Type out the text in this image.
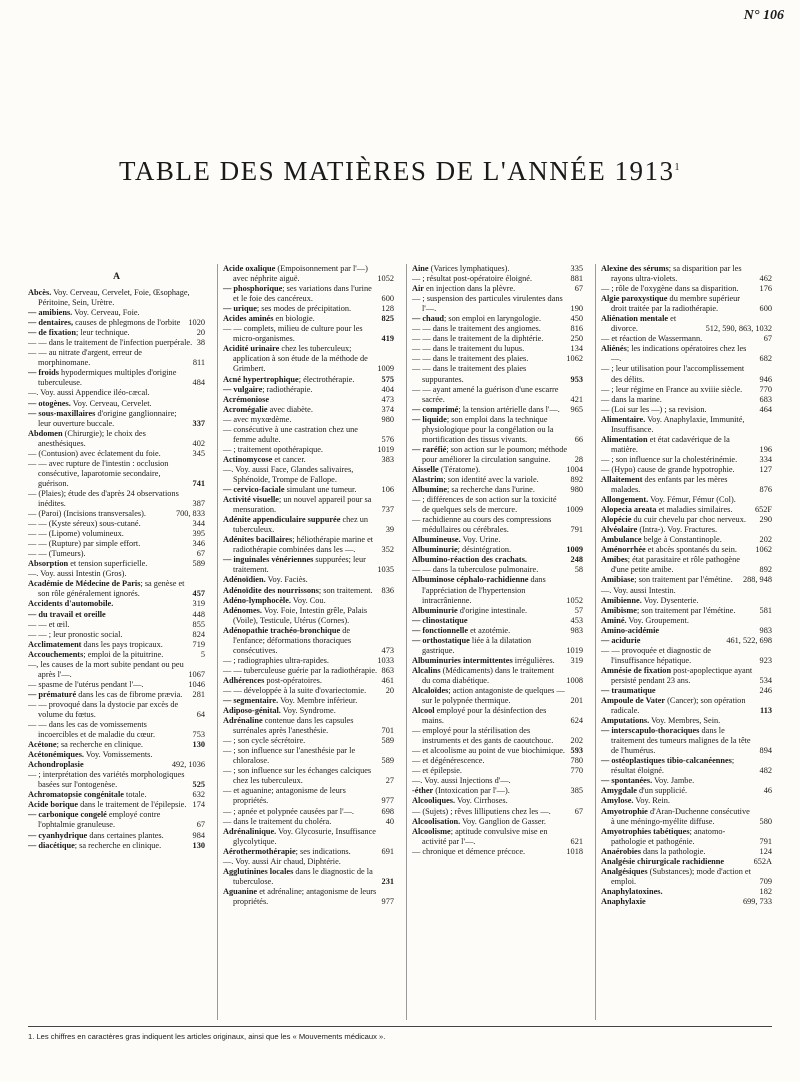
N° 106
TABLE DES MATIÈRES DE L'ANNÉE 1913$^1$
A
Abcès. Voy. Cerveau, Cervelet, Foie, Œsophage, Péritoine, Sein, Urètre.
— amibiens. Voy. Cerveau, Foie.
— dentaires, causes de phlegmons de l'orbite 1020
— de fixation; leur technique.	20
— — dans le traitement de l'infection puerpérale. 38
— — au nitrate d'argent, erreur de morphinomane.	811
— froids hypodermiques multiples d'origine tuberculeuse.	484
—. Voy. aussi Appendice iléo-cæcal.
— otogènes. Voy. Cerveau, Cervelet.
— sous-maxillaires d'origine ganglionnaire; leur ouverture buccale.	337
Abdomen (Chirurgie); le choix des anesthésiques.	402
— (Contusion) avec éclatement du foie.	345
— — avec rupture de l'intestin : occlusion consécutive, laparotomie secondaire, guérison.	741
— (Plaies); étude des d'après 24 observations inédites.	387
— (Paroi) (Incisions transversales).	700, 833
— — (Kyste séreux) sous-cutané.	344
— — (Lipome) volumineux.	395
— — (Rupture) par simple effort.	346
— — (Tumeurs).	67
Absorption et tension superficielle.	589
—. Voy. aussi Intestin (Gros).
Académie de Médecine de Paris; sa genèse et son rôle généralement ignorés.	457
Accidents d'automobile.	319
— du travail et oreille	448
— — et œil.	855
— — ; leur pronostic social.	824
Acclimatement dans les pays tropicaux.	719
Accouchements; emploi de la pituitrine.	5
—, les causes de la mort subite pendant ou peu après l'—.	1067
— spasme de l'utérus pendant l'—.	1046
— prématuré dans les cas de fibrome prævia.	281
— — provoqué dans la dystocie par excès de volume du fœtus.	64
— — dans les cas de vomissements incoercibles et de maladie du cœur.	753
Acétone; sa recherche en clinique.	130
Acétonémiques. Voy. Vomissements.
Achondroplasie	492, 1036
— ; interprétation des variétés morphologiques basées sur l'ontogenèse.	525
Achromatopsie congénitale totale.	632
Acide borique dans le traitement de l'épilepsie. 174
— carbonique congelé employé contre l'ophtalmie granuleuse.	67
— cyanhydrique dans certaines plantes.	984
— diacétique; sa recherche en clinique.	130
Acide oxalique (Empoisonnement par l'—) avec néphrite aiguë.	1052
— phosphorique; ses variations dans l'urine et le foie des cancéreux.	600
— urique; ses modes de précipitation.	128
Acides aminés en biologie.	825
— — complets, milieu de culture pour les micro-organismes.	419
Acidité urinaire chez les tuberculeux; application à son étude de la méthode de Grimbert.	1009
Acné hypertrophique; électrothérapie.	575
— vulgaire; radiothérapie.	404
Acrémoniose	473
Acromégalie avec diabète.	374
— avec myxœdème.	980
— consécutive à une castration chez une femme adulte.	576
— ; traitement opothérapique.	1019
Actinomycose et cancer.	383
—. Voy. aussi Face, Glandes salivaires, Sphénoïde, Trompe de Fallope.
— cervico-faciale simulant une tumeur.	106
Activité visuelle; un nouvel appareil pour sa mensuration.	737
Adénite appendiculaire suppurée chez un tuberculeux.	39
Adénites bacillaires; héliothérapie marine et radiothérapie combinées dans les —.	352
— inguinales vénériennes suppurées; leur traitement.	1035
Adénoïdien. Voy. Faciès.
Adénoïdite des nourrissons; son traitement.	836
Adéno-lymphocèle. Voy. Cou.
Adénomes. Voy. Foie, Intestin grêle, Palais (Voile), Testicule, Utérus (Cornes).
Adénopathie trachéo-bronchique de l'enfance; déformations thoraciques consécutives.	473
— ; radiographies ultra-rapides.	1033
— — tuberculeuse guérie par la radiothérapie. 863
Adhérences post-opératoires.	461
— — développée à la suite d'ovariectomie.	20
— segmentaire. Voy. Membre inférieur.
Adiposo-génital. Voy. Syndrome.
Adrénaline contenue dans les capsules surrénales après l'anesthésie.	701
— ; son cycle sécrétoire.	589
— ; son influence sur l'anesthésie par le chloralose.	589
— ; son influence sur les échanges calciques chez les tuberculeux.	27
— et aguanine; antagonisme de leurs propriétés.	977
— ; apnée et polypnée causées par l'—.	698
— dans le traitement du choléra.	40
Adrénalinique. Voy. Glycosurie, Insuffisance glycolytique.
Aérothermothérapie; ses indications.	691
—. Voy. aussi Air chaud, Diphtérie.
Agglutinines locales dans le diagnostic de la tuberculose.	231
Aguanine et adrénaline; antagonisme de leurs propriétés.	977
Aine (Varices lymphatiques).	335
— ; résultat post-opératoire éloigné.	881
Air en injection dans la plèvre.	67
— ; suspension des particules virulentes dans l'—.	190
— chaud; son emploi en laryngologie.	450
— — dans le traitement des angiomes.	816
— — dans le traitement de la diphtérie.	250
— — dans le traitement du lupus.	134
— — dans le traitement des plaies.	1062
— — dans le traitement des plaies suppurantes.	953
— — ayant amené la guérison d'une escarre sacrée.	421
— comprimé; la tension artérielle dans l'—.	965
— liquide; son emploi dans la technique physiologique pour la congélation ou la mortification des tissus vivants.	66
— raréfié; son action sur le poumon; méthode pour améliorer la circulation sanguine.	28
Aisselle (Tératome).	1004
Alastrim; son identité avec la variole.	892
Albumine; sa recherche dans l'urine.	980
— ; différences de son action sur la toxicité de quelques sels de mercure.	1009
— rachidienne au cours des compressions médullaires ou cérébrales.	791
Albumineuse. Voy. Urine.
Albuminurie; désintégration.	1009
Albumino-réaction des crachats.	248
— — dans la tuberculose pulmonaire.	58
Albuminose céphalo-rachidienne dans l'appréciation de l'hypertension intracrânienne.	1052
Albuminurie d'origine intestinale.	57
— clinostatique	453
— fonctionnelle et azotémie.	983
— orthostatique liée à la dilatation gastrique.	1019
Albuminuries intermittentes irrégulières.	319
Alcalins (Médicaments) dans le traitement du coma diabétique.	1008
Alcaloïdes; action antagoniste de quelques — sur le polypnée thermique.	201
Alcool employé pour la désinfection des mains.	624
— employé pour la stérilisation des instruments et des gants de caoutchouc.	202
— et alcoolisme au point de vue biochimique. 593
— et dégénérescence.	780
— et épilepsie.	770
—. Voy. aussi Injections d'—.
-éther (Intoxication par l'—).	385
Alcooliques. Voy. Cirrhoses.
— (Sujets) ; rêves lilliputiens chez les —.	67
Alcoolisation. Voy. Ganglion de Gasser.
Alcoolisme; aptitude convulsive mise en activité par l'—.	621
— chronique et démence précoce.	1018
Alexine des sérums; sa disparition par les rayons ultra-violets.	462
— ; rôle de l'oxygène dans sa disparition.	176
Algie paroxystique du membre supérieur droit traitée par la radiothérapie.	600
Aliénation mentale et divorce.	512, 590, 863, 1032
— et réaction de Wassermann.	67
Aliénés; les indications opératoires chez les —.	682
— ; leur utilisation pour l'accomplissement des délits.	946
— ; leur régime en France au xviiie siècle.	770
— dans la marine.	683
— (Loi sur les —) ; sa revision.	464
Alimentaire. Voy. Anaphylaxie, Immunité, Insuffisance.
Alimentation et état cadavérique de la matière.	196
— ; son influence sur la cholestérinémie.	334
— (Hypo) cause de grande hypotrophie.	127
Allaitement des enfants par les mères malades.	876
Allongement. Voy. Fémur, Fémur (Col).
Alopecia areata et maladies similaires.	652F
Alopécie du cuir chevelu par choc nerveux.	290
Alvéolaire (Intra-). Voy. Fractures.
Ambulance belge à Constantinople.	202
Aménorrhée et abcès spontanés du sein.	1062
Amibes; état parasitaire et rôle pathogène d'une petite amibe.	892
Amibiase; son traitement par l'émétine.	288, 948
—. Voy. aussi Intestin.
Amibienne. Voy. Dysenterie.
Amibisme; son traitement par l'émétine.	581
Aminé. Voy. Groupement.
Amino-acidémie	983
— aciduriе	461, 522, 698
— — provoquée et diagnostic de l'insuffisance hépatique.	923
Amnésie de fixation post-apoplectique ayant persisté pendant 23 ans.	534
— traumatique	246
Ampoule de Vater (Cancer); son opération radicale.	113
Amputations. Voy. Membres, Sein.
— interscapulo-thoraciques dans le traitement des tumeurs malignes de la tête de l'humérus.	894
— ostéoplastiques tibio-calcanéennes; résultat éloigné.	482
— spontanées. Voy. Jambe.
Amygdale d'un supplicié.	46
Amylose. Voy. Rein.
Amyotrophie d'Aran-Duchenne consécutive à une méningo-myélite diffuse.	580
Amyotrophies tabétiques; anatomo-pathologie et pathogénie.	791
Anaérobies dans la pathologie.	124
Analgésie chirurgicale rachidienne	652A
Analgésiques (Substances); mode d'action et emploi.	709
Anaphylatoxines.	182
Anaphylaxie	699, 733
1. Les chiffres en caractères gras indiquent les articles originaux, ainsi que les « Mouvements médicaux ».
